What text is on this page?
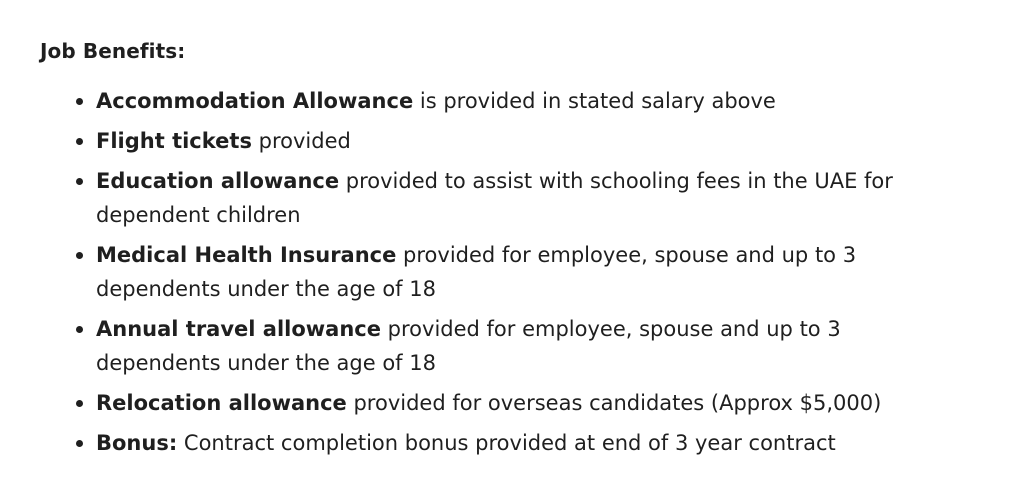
Job Benefits:
Accommodation Allowance is provided in stated salary above
Flight tickets provided
Education allowance provided to assist with schooling fees in the UAE for dependent children
Medical Health Insurance provided for employee, spouse and up to 3 dependents under the age of 18
Annual travel allowance provided for employee, spouse and up to 3 dependents under the age of 18
Relocation allowance provided for overseas candidates (Approx $5,000)
Bonus: Contract completion bonus provided at end of 3 year contract
